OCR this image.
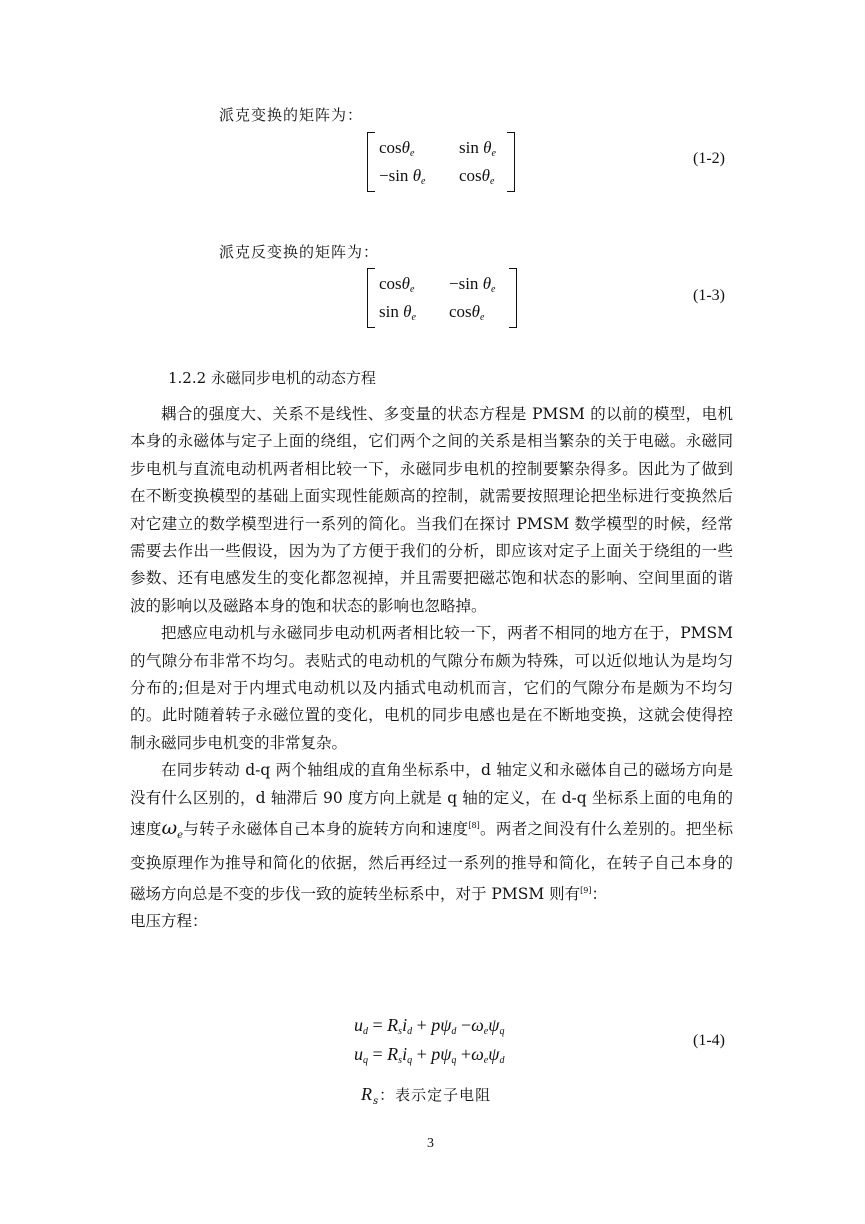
派克变换的矩阵为：
cosθ$_e$	$\sin \theta_e$
−sin $\theta_e$	cosθ$_e$
(1-2)
派克反变换的矩阵为：
cosθ$_e$	−sin $\theta_e$
$\sin \theta_e$	cosθ$_e$
(1-3)
1.2.2 永磁同步电机的动态方程

耦合的强度大、关系不是线性、多变量的状态方程是 PMSM 的以前的模型，电机本身的永磁体与定子上面的绕组，它们两个之间的关系是相当繁杂的关于电磁。永磁同步电机与直流电动机两者相比较一下，永磁同步电机的控制要繁杂得多。因此为了做到在不断变换模型的基础上面实现性能颇高的控制，就需要按照理论把坐标进行变换然后对它建立的数学模型进行一系列的简化。当我们在探讨 PMSM 数学模型的时候，经常需要去作出一些假设，因为为了方便于我们的分析，即应该对定子上面关于绕组的一些参数、还有电感发生的变化都忽视掉，并且需要把磁芯饱和状态的影响、空间里面的谐波的影响以及磁路本身的饱和状态的影响也忽略掉。

把感应电动机与永磁同步电动机两者相比较一下，两者不相同的地方在于，PMSM 的气隙分布非常不均匀。表贴式的电动机的气隙分布颇为特殊，可以近似地认为是均匀分布的;但是对于内埋式电动机以及内插式电动机而言，它们的气隙分布是颇为不均匀的。此时随着转子永磁位置的变化，电机的同步电感也是在不断地变换，这就会使得控制永磁同步电机变的非常复杂。

在同步转动 d-q 两个轴组成的直角坐标系中，d 轴定义和永磁体自己的磁场方向是没有什么区别的，d 轴滞后 90 度方向上就是 q 轴的定义，在 d-q 坐标系上面的电角的速度$\omega_e$与转子永磁体自己本身的旋转方向和速度[8]。两者之间没有什么差别的。把坐标变换原理作为推导和简化的依据，然后再经过一系列的推导和简化，在转子自己本身的磁场方向总是不变的步伐一致的旋转坐标系中，对于 PMSM 则有[9]：

电压方程：

$u_d = R_si_d + p\psi_d -\omega_e\psi_q$
$u_q = R_si_q + p\psi_q +\omega_e\psi_d$
(1-4)
$R_s$：表示定子电阻
3
